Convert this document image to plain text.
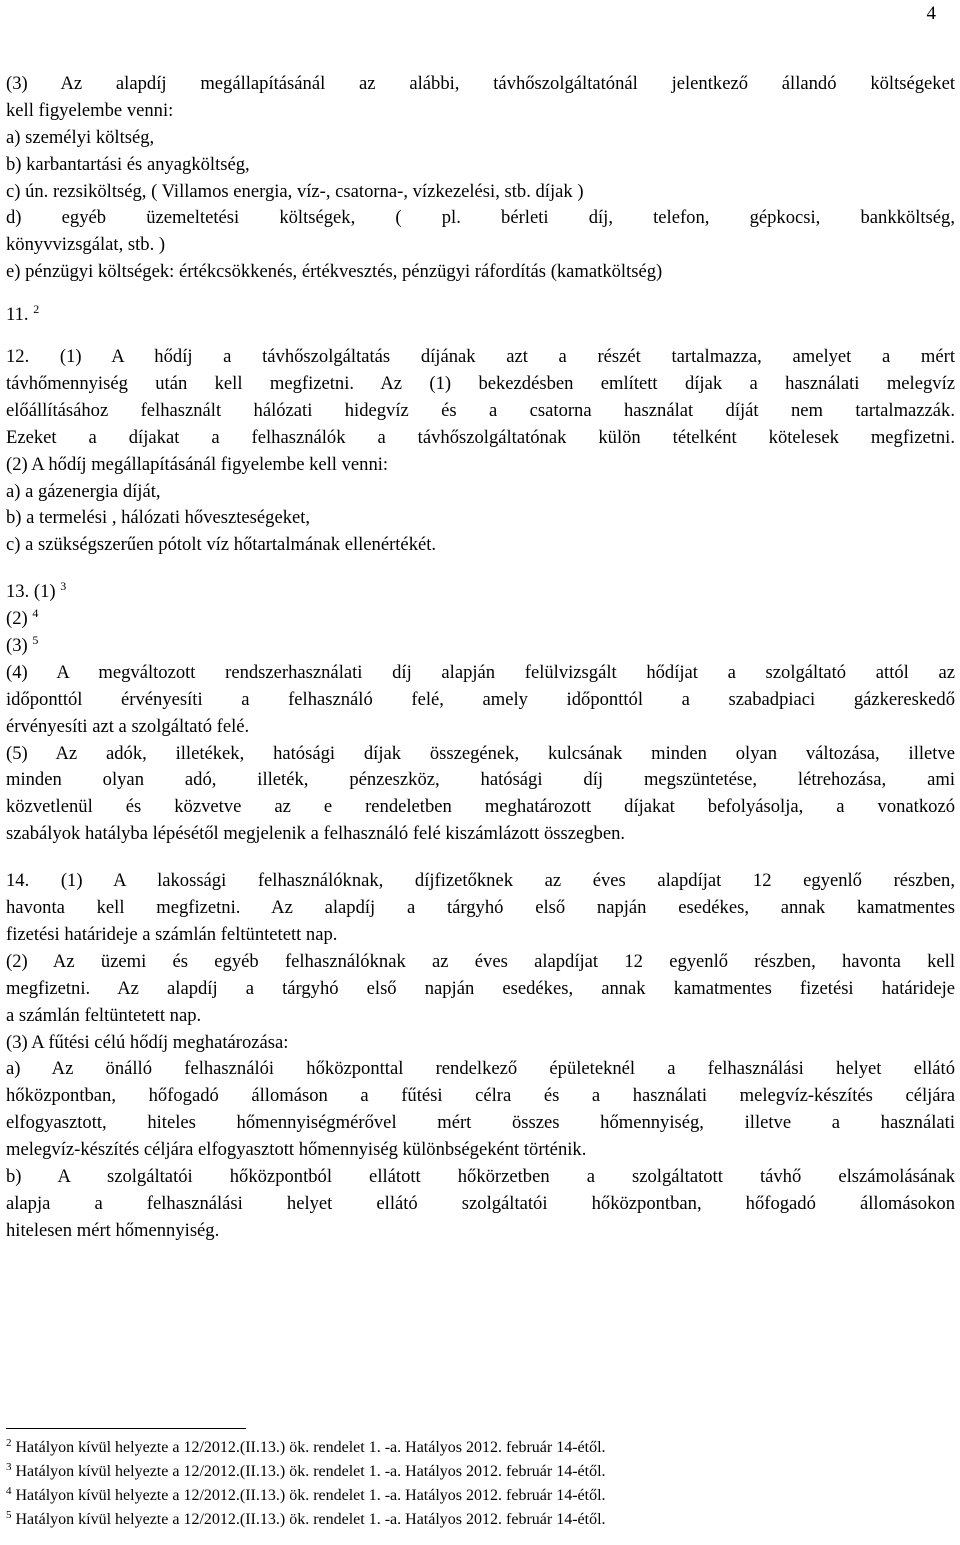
4
(3) Az alapdíj megállapításánál az alábbi, távhőszolgáltatónál jelentkező állandó költségeket
kell figyelembe venni:
a) személyi költség,
b) karbantartási és anyagköltség,
c) ún. rezsiköltség, ( Villamos energia, víz-, csatorna-, vízkezelési, stb. díjak )
d) egyéb üzemeltetési költségek, ( pl. bérleti díj, telefon, gépkocsi, bankköltség,
könyvvizsgálat, stb. )
e) pénzügyi költségek: értékcsökkenés, értékvesztés, pénzügyi ráfordítás (kamatköltség)
11. $^2$
12. (1) A hődíj a távhőszolgáltatás díjának azt a részét tartalmazza, amelyet a mért
távhőmennyiség után kell megfizetni. Az (1) bekezdésben említett díjak a használati melegvíz
előállításához felhasznált hálózati hidegvíz és a csatorna használat díját nem tartalmazzák.
Ezeket a díjakat a felhasználók a távhőszolgáltatónak külön tételként kötelesek megfizetni.
(2) A hődíj megállapításánál figyelembe kell venni:
a) a gázenergia díját,
b) a termelési , hálózati hőveszteségeket,
c) a szükségszerűen pótolt víz hőtartalmának ellenértékét.
13. (1) $^3$
(2) $^4$
(3) $^5$
(4) A megváltozott rendszerhasználati díj alapján felülvizsgált hődíjat a szolgáltató attól az
időponttól érvényesíti a felhasználó felé, amely időponttól a szabadpiaci gázkereskedő
érvényesíti azt a szolgáltató felé.
(5) Az adók, illetékek, hatósági díjak összegének, kulcsának minden olyan változása, illetve
minden olyan adó, illeték, pénzeszköz, hatósági díj megszüntetése, létrehozása, ami
közvetlenül és közvetve az e rendeletben meghatározott díjakat befolyásolja, a vonatkozó
szabályok hatályba lépésétől megjelenik a felhasználó felé kiszámlázott összegben.
14. (1) A lakossági felhasználóknak, díjfizetőknek az éves alapdíjat 12 egyenlő részben,
havonta kell megfizetni. Az alapdíj a tárgyhó első napján esedékes, annak kamatmentes
fizetési határideje a számlán feltüntetett nap.
(2) Az üzemi és egyéb felhasználóknak az éves alapdíjat 12 egyenlő részben, havonta kell
megfizetni. Az alapdíj a tárgyhó első napján esedékes, annak kamatmentes fizetési határideje
a számlán feltüntetett nap.
(3) A fűtési célú hődíj meghatározása:
a) Az önálló felhasználói hőközponttal rendelkező épületeknél a felhasználási helyet ellátó
hőközpontban, hőfogadó állomáson a fűtési célra és a használati melegvíz-készítés céljára
elfogyasztott, hiteles hőmennyiségmérővel mért összes hőmennyiség, illetve a használati
melegvíz-készítés céljára elfogyasztott hőmennyiség különbségeként történik.
b) A szolgáltatói hőközpontból ellátott hőkörzetben a szolgáltatott távhő elszámolásának
alapja a felhasználási helyet ellátó szolgáltatói hőközpontban, hőfogadó állomásokon
hitelesen mért hőmennyiség.
$^2$ Hatályon kívül helyezte a 12/2012.(II.13.) ök. rendelet 1. -a. Hatályos 2012. február 14-étől.
$^3$ Hatályon kívül helyezte a 12/2012.(II.13.) ök. rendelet 1. -a. Hatályos 2012. február 14-étől.
$^4$ Hatályon kívül helyezte a 12/2012.(II.13.) ök. rendelet 1. -a. Hatályos 2012. február 14-étől.
$^5$ Hatályon kívül helyezte a 12/2012.(II.13.) ök. rendelet 1. -a. Hatályos 2012. február 14-étől.
